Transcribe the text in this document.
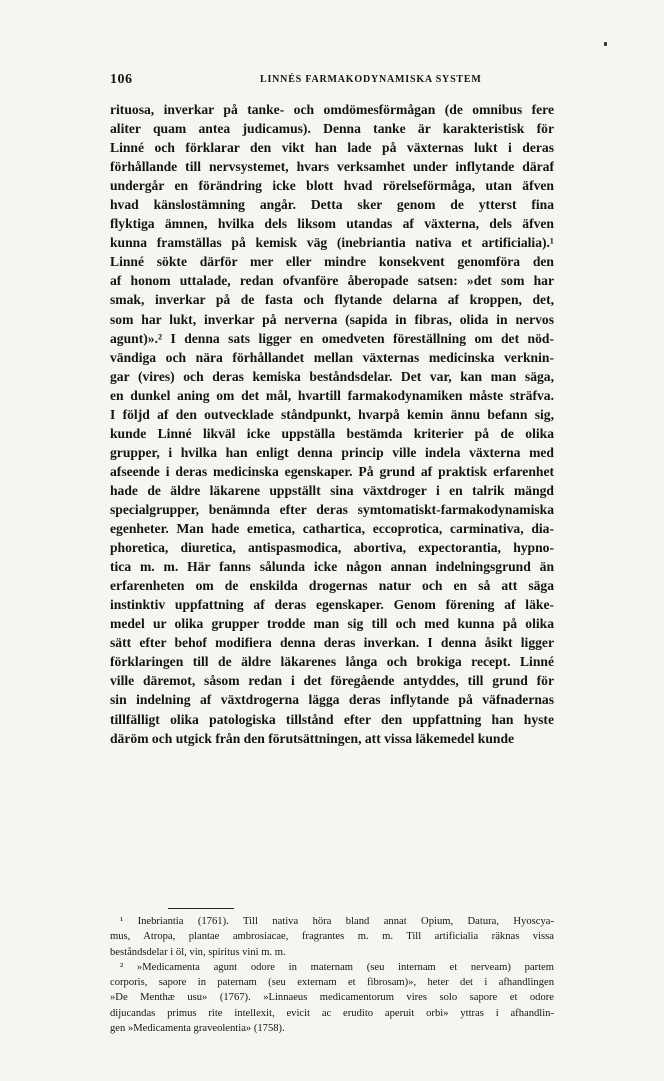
106	LINNÉS FARMAKODYNAMISKA SYSTEM
rituosa, inverkar på tanke- och omdömesförmågan (de omnibus fere
aliter quam antea judicamus). Denna tanke är karakteristisk för
Linné och förklarar den vikt han lade på växternas lukt i deras
förhållande till nervsystemet, hvars verksamhet under inflytande däraf
undergår en förändring icke blott hvad rörelseförmåga, utan äfven
hvad känslostämning angår. Detta sker genom de ytterst fina
flyktiga ämnen, hvilka dels liksom utandas af växterna, dels äfven
kunna framställas på kemisk väg (inebriantia nativa et artificialia).¹
Linné sökte därför mer eller mindre konsekvent genomföra den
af honom uttalade, redan ofvanföre åberopade satsen: »det som har
smak, inverkar på de fasta och flytande delarna af kroppen, det,
som har lukt, inverkar på nerverna (sapida in fibras, olida in nervos
agunt)».² I denna sats ligger en omedveten föreställning om det nöd-
vändiga och nära förhållandet mellan växternas medicinska verknin-
gar (vires) och deras kemiska beståndsdelar. Det var, kan man säga,
en dunkel aning om det mål, hvartill farmakodynamiken måste sträfva.
I följd af den outvecklade ståndpunkt, hvarpå kemin ännu befann sig,
kunde Linné likväl icke uppställa bestämda kriterier på de olika
grupper, i hvilka han enligt denna princip ville indela växterna med
afseende i deras medicinska egenskaper. På grund af praktisk erfarenhet
hade de äldre läkarene uppställt sina växtdroger i en talrik mängd
specialgrupper, benämnda efter deras symtomatiskt-farmakodynamiska
egenheter. Man hade emetica, cathartica, eccoprotica, carminativa, dia-
phoretica, diuretica, antispasmodica, abortiva, expectorantia, hypno-
tica m. m. Här fanns sålunda icke någon annan indelningsgrund än
erfarenheten om de enskilda drogernas natur och en så att säga
instinktiv uppfattning af deras egenskaper. Genom förening af läke-
medel ur olika grupper trodde man sig till och med kunna på olika
sätt efter behof modifiera denna deras inverkan. I denna åsikt ligger
förklaringen till de äldre läkarenes långa och brokiga recept. Linné
ville däremot, såsom redan i det föregående antyddes, till grund för
sin indelning af växtdrogerna lägga deras inflytande på väfnadernas
tillfälligt olika patologiska tillstånd efter den uppfattning han hyste
däröm och utgick från den förutsättningen, att vissa läkemedel kunde
¹ Inebriantia (1761). Till nativa höra bland annat Opium, Datura, Hyoscya-
mus, Atropa, plantae ambrosiacae, fragrantes m. m. Till artificialia räknas vissa
beståndsdelar i öl, vin, spiritus vini m. m.
² »Medicamenta agunt odore in maternam (seu internam et nerveam) partem
corporis, sapore in paternam (seu externam et fibrosam)», heter det i afhandlingen
»De Menthæ usu» (1767). »Linnaeus medicamentorum vires solo sapore et odore
dijucandas primus rite intellexit, evicit ac erudito aperuit orbi» yttras i afhandlin-
gen »Medicamenta graveolentia» (1758).
